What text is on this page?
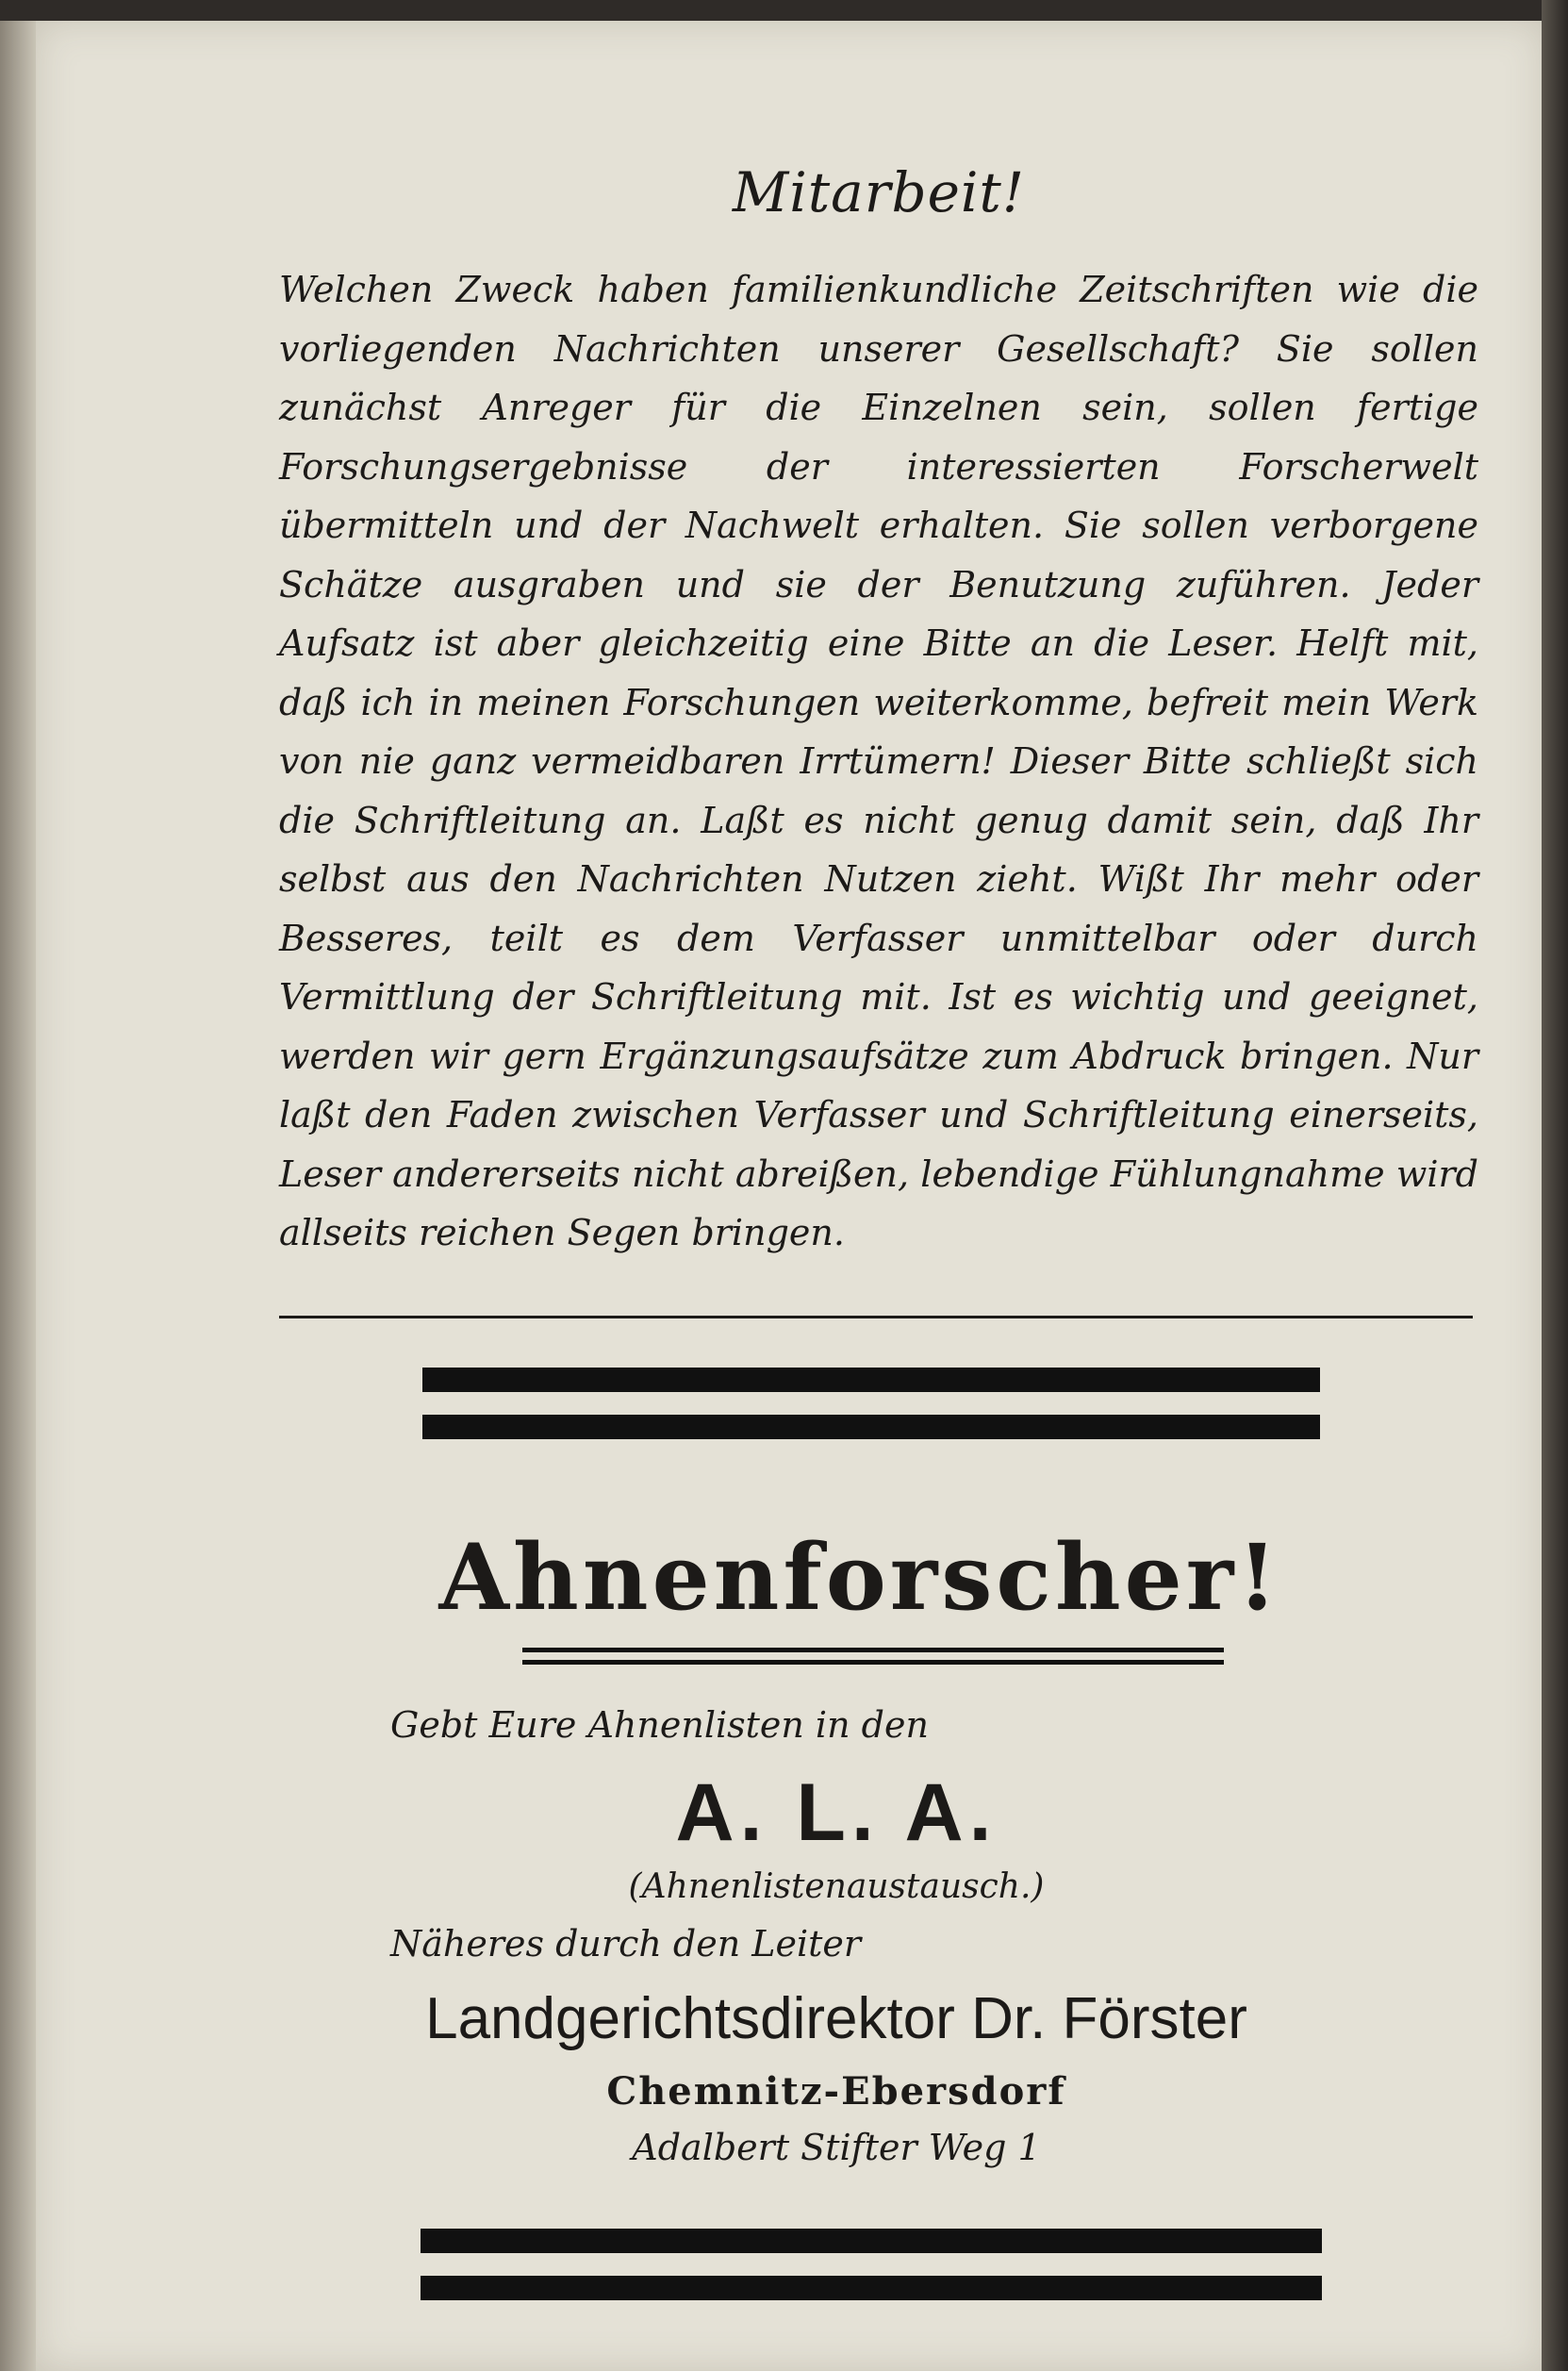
Mitarbeit!

Welchen Zweck haben familienkundliche Zeitschriften wie die vorliegenden Nachrichten unserer Gesellschaft? Sie sollen zunächst Anreger für die Einzelnen sein, sollen fertige Forschungsergebnisse der interessierten Forscherwelt übermitteln und der Nachwelt erhalten. Sie sollen verborgene Schätze ausgraben und sie der Benutzung zuführen. Jeder Aufsatz ist aber gleichzeitig eine Bitte an die Leser. Helft mit, daß ich in meinen Forschungen weiterkomme, befreit mein Werk von nie ganz vermeidbaren Irrtümern! Dieser Bitte schließt sich die Schriftleitung an. Laßt es nicht genug damit sein, daß Ihr selbst aus den Nachrichten Nutzen zieht. Wißt Ihr mehr oder Besseres, teilt es dem Verfasser unmittelbar oder durch Vermittlung der Schriftleitung mit. Ist es wichtig und geeignet, werden wir gern Ergänzungsaufsätze zum Abdruck bringen. Nur laßt den Faden zwischen Verfasser und Schriftleitung einerseits, Leser andererseits nicht abreißen, lebendige Fühlungnahme wird allseits reichen Segen bringen.

Ahnenforscher!
Gebt Eure Ahnenlisten in den
A. L. A.
(Ahnenlistenaustausch.)
Näheres durch den Leiter
Landgerichtsdirektor Dr. Förster
Chemnitz-Ebersdorf
Adalbert Stifter Weg 1
